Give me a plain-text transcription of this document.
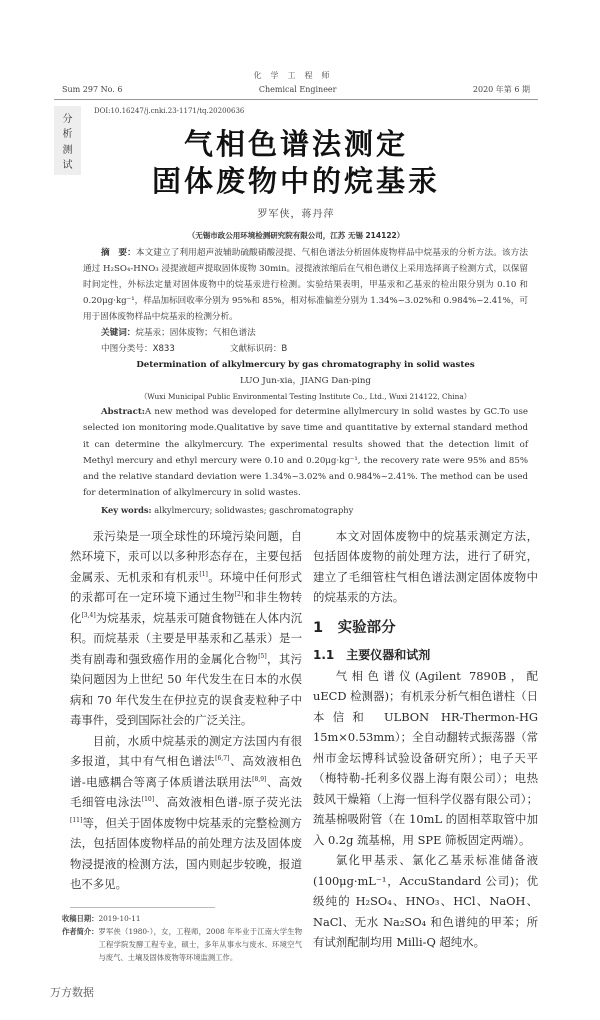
化学工程师
Sum 297 No. 6	Chemical Engineer	2020 年第 6 期
分
析
测
试
DOI:10.16247/j.cnki.23-1171/tq.20200636
气相色谱法测定
固体废物中的烷基汞
罗军侠，蒋丹萍
（无锡市政公用环境检测研究院有限公司，江苏 无锡 214122）
摘　要：本文建立了利用超声波辅助硫酸硝酸浸提、气相色谱法分析固体废物样品中烷基汞的分析方法。该方法通过 H₂SO₄-HNO₃ 浸提液超声提取固体废物 30min。浸提液浓缩后在气相色谱仪上采用选择离子检测方式，以保留时间定性，外标法定量对固体废物中的烷基汞进行检测。实验结果表明，甲基汞和乙基汞的检出限分别为 0.10 和 0.20μg·kg⁻¹，样品加标回收率分别为 95%和 85%，相对标准偏差分别为 1.34%~3.02%和 0.984%~2.41%，可用于固体废物样品中烷基汞的检测分析。
关键词：烷基汞；固体废物；气相色谱法
中图分类号：X833	文献标识码：B
Determination of alkylmercury by gas chromatography in solid wastes
LUO Jun-xia，JIANG Dan-ping
（Wuxi Municipal Public Environmental Testing Institute Co., Ltd., Wuxi 214122, China）
Abstract:A new method was developed for determine allylmercury in solid wastes by GC.To use selected ion monitoring mode.Qualitative by save time and quantitative by external standard method it can determine the alkylmercury. The experimental results showed that the detection limit of Methyl mercury and ethyl mercury were 0.10 and 0.20μg·kg⁻¹, the recovery rate were 95% and 85% and the relative standard deviation were 1.34%~3.02% and 0.984%~2.41%. The method can be used for determination of alkylmercury in solid wastes.
Key words: alkylmercury; solidwastes; gaschromatography

汞污染是一项全球性的环境污染问题，自然环境下，汞可以以多种形态存在，主要包括金属汞、无机汞和有机汞[1]。环境中任何形式的汞都可在一定环境下通过生物[2]和非生物转化[3,4]为烷基汞，烷基汞可随食物链在人体内沉积。而烷基汞（主要是甲基汞和乙基汞）是一类有剧毒和强致癌作用的金属化合物[5]，其污染问题因为上世纪 50 年代发生在日本的水俣病和 70 年代发生在伊拉克的误食麦粒种子中毒事件，受到国际社会的广泛关注。

目前，水质中烷基汞的测定方法国内有很多报道，其中有气相色谱法[6,7]、高效液相色谱-电感耦合等离子体质谱法联用法[8,9]、高效毛细管电泳法[10]、高效液相色谱-原子荧光法[11]等，但关于固体废物中烷基汞的完整检测方法，包括固体废物样品的前处理方法及固体废物浸提液的检测方法，国内则起步较晚，报道也不多见。

收稿日期：2019-10-11
作者简介： 罗军侠（1980-），女，工程师，2008 年毕业于江南大学生物工程学院发酵工程专业，硕士，多年从事水与废水、环境空气与废气、土壤及固体废物等环境监测工作。

本文对固体废物中的烷基汞测定方法，包括固体废物的前处理方法，进行了研究，建立了毛细管柱气相色谱法测定固体废物中的烷基汞的方法。

1　实验部分
1.1　主要仪器和试剂

气相色谱仪(Agilent 7890B，配 uECD 检测器)；有机汞分析气相色谱柱（日本信和 ULBON HR-Thermon-HG 15m×0.53mm）；全自动翻转式振荡器（常州市金坛博科试验设备研究所）；电子天平（梅特勒-托利多仪器上海有限公司）；电热鼓风干燥箱（上海一恒科学仪器有限公司）；巯基棉吸附管（在 10mL 的固相萃取管中加入 0.2g 巯基棉，用 SPE 筛板固定两端）。

氯化甲基汞、氯化乙基汞标准储备液(100μg·mL⁻¹，AccuStandard 公司)；优级纯的 H₂SO₄、HNO₃、HCl、NaOH、NaCl、无水 Na₂SO₄ 和色谱纯的甲苯；所有试剂配制均用 Milli-Q 超纯水。

万方数据
